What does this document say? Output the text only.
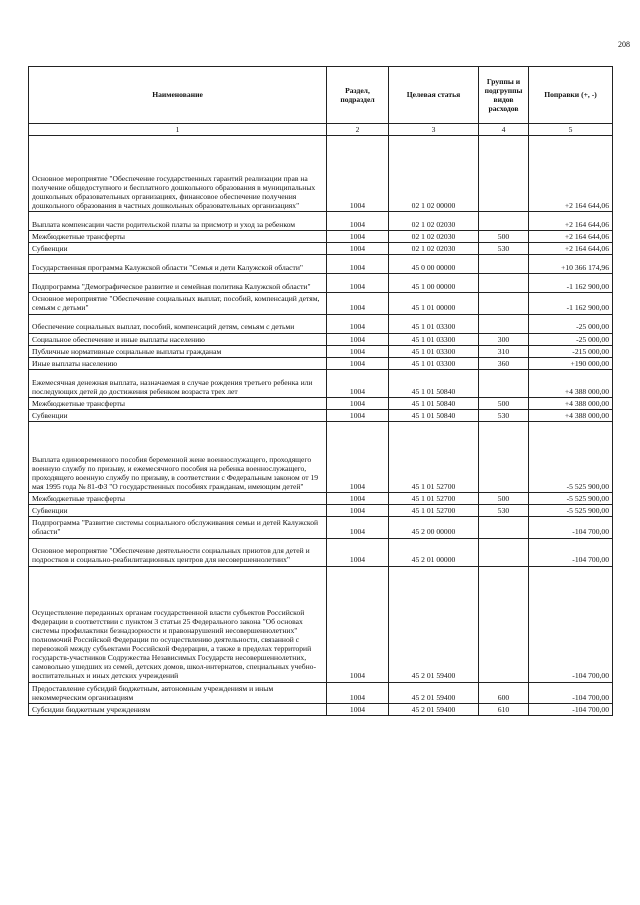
208
Наименование	Раздел, подраздел	Целевая статья	Группы и подгруппы видов расходов	Поправки (+, -)
1	2	3	4	5
Основное мероприятие "Обеспечение государственных гарантий реализации прав на получение общедоступного и бесплатного дошкольного образования в муниципальных дошкольных образовательных организациях, финансовое обеспечение получения дошкольного образования в частных дошкольных образовательных организациях"	1004	02 1 02 00000		+2 164 644,06
Выплата компенсации части родительской платы за присмотр и уход за ребенком	1004	02 1 02 02030		+2 164 644,06
Межбюджетные трансферты	1004	02 1 02 02030	500	+2 164 644,06
Субвенции	1004	02 1 02 02030	530	+2 164 644,06
Государственная программа Калужской области "Семья и дети Калужской области"	1004	45 0 00 00000		+10 366 174,96
Подпрограмма "Демографическое развитие и семейная политика Калужской области"	1004	45 1 00 00000		-1 162 900,00
Основное мероприятие "Обеспечение социальных выплат, пособий, компенсаций детям, семьям с детьми"	1004	45 1 01 00000		-1 162 900,00
Обеспечение социальных выплат, пособий, компенсаций детям, семьям с детьми	1004	45 1 01 03300		-25 000,00
Социальное обеспечение и иные выплаты населению	1004	45 1 01 03300	300	-25 000,00
Публичные нормативные социальные выплаты гражданам	1004	45 1 01 03300	310	-215 000,00
Иные выплаты населению	1004	45 1 01 03300	360	+190 000,00
Ежемесячная денежная выплата, назначаемая в случае рождения третьего ребенка или последующих детей до достижения ребенком возраста трех лет	1004	45 1 01 50840		+4 388 000,00
Межбюджетные трансферты	1004	45 1 01 50840	500	+4 388 000,00
Субвенции	1004	45 1 01 50840	530	+4 388 000,00
Выплата единовременного пособия беременной жене военнослужащего, проходящего военную службу по призыву, и ежемесячного пособия на ребенка военнослужащего, проходящего военную службу по призыву, в соответствии с Федеральным законом от 19 мая 1995 года № 81-ФЗ "О государственных пособиях гражданам, имеющим детей"	1004	45 1 01 52700		-5 525 900,00
Межбюджетные трансферты	1004	45 1 01 52700	500	-5 525 900,00
Субвенции	1004	45 1 01 52700	530	-5 525 900,00
Подпрограмма "Развитие системы социального обслуживания семьи и детей Калужской области"	1004	45 2 00 00000		-104 700,00
Основное мероприятие "Обеспечение деятельности социальных приютов для детей и подростков и социально-реабилитационных центров для несовершеннолетних"	1004	45 2 01 00000		-104 700,00
Осуществление переданных органам государственной власти субъектов Российской Федерации в соответствии с пунктом 3 статьи 25 Федерального закона "Об основах системы профилактики безнадзорности и правонарушений несовершеннолетних" полномочий Российской Федерации по осуществлению деятельности, связанной с перевозкой между субъектами Российской Федерации, а также в пределах территорий государств-участников Содружества Независимых Государств несовершеннолетних, самовольно ушедших из семей, детских домов, школ-интернатов, специальных учебно-воспитательных и иных детских учреждений	1004	45 2 01 59400		-104 700,00
Предоставление субсидий бюджетным, автономным учреждениям и иным некоммерческим организациям	1004	45 2 01 59400	600	-104 700,00
Субсидии бюджетным учреждениям	1004	45 2 01 59400	610	-104 700,00
